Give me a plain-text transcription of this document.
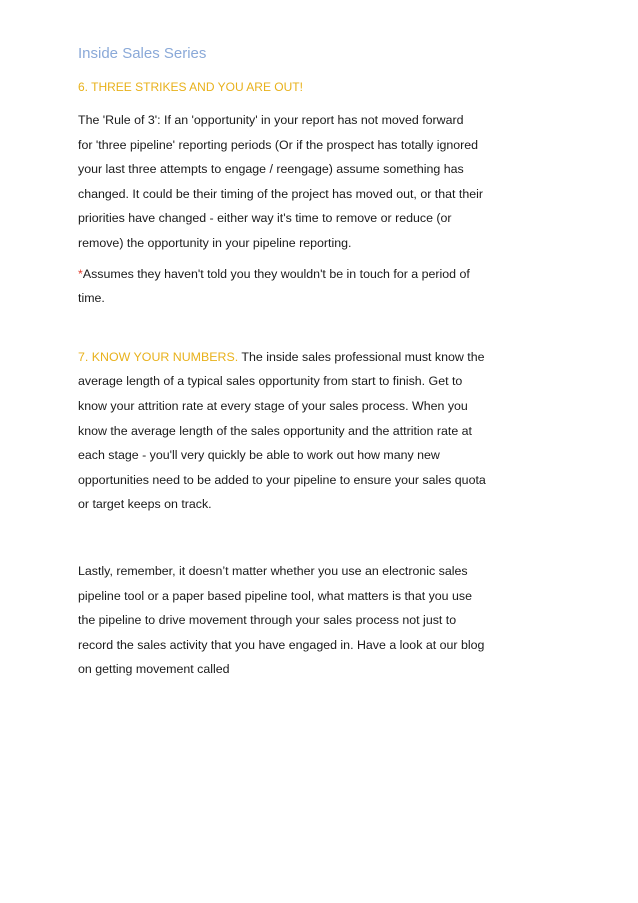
Inside Sales Series
6. THREE STRIKES AND YOU ARE OUT!
The 'Rule of 3': If an 'opportunity' in your report has not moved forward
for 'three pipeline' reporting periods (Or if the prospect has totally ignored
your last three attempts to engage / reengage) assume something has
changed. It could be their timing of the project has moved out, or that their
priorities have changed - either way it's time to remove or reduce (or
remove) the opportunity in your pipeline reporting.
*Assumes they haven't told you they wouldn't be in touch for a period of
time.
7. KNOW YOUR NUMBERS. The inside sales professional must know the
average length of a typical sales opportunity from start to finish. Get to
know your attrition rate at every stage of your sales process. When you
know the average length of the sales opportunity and the attrition rate at
each stage - you'll very quickly be able to work out how many new
opportunities need to be added to your pipeline to ensure your sales quota
or target keeps on track.
Lastly, remember, it doesn’t matter whether you use an electronic sales
pipeline tool or a paper based pipeline tool, what matters is that you use
the pipeline to drive movement through your sales process not just to
record the sales activity that you have engaged in. Have a look at our blog
on getting movement called
